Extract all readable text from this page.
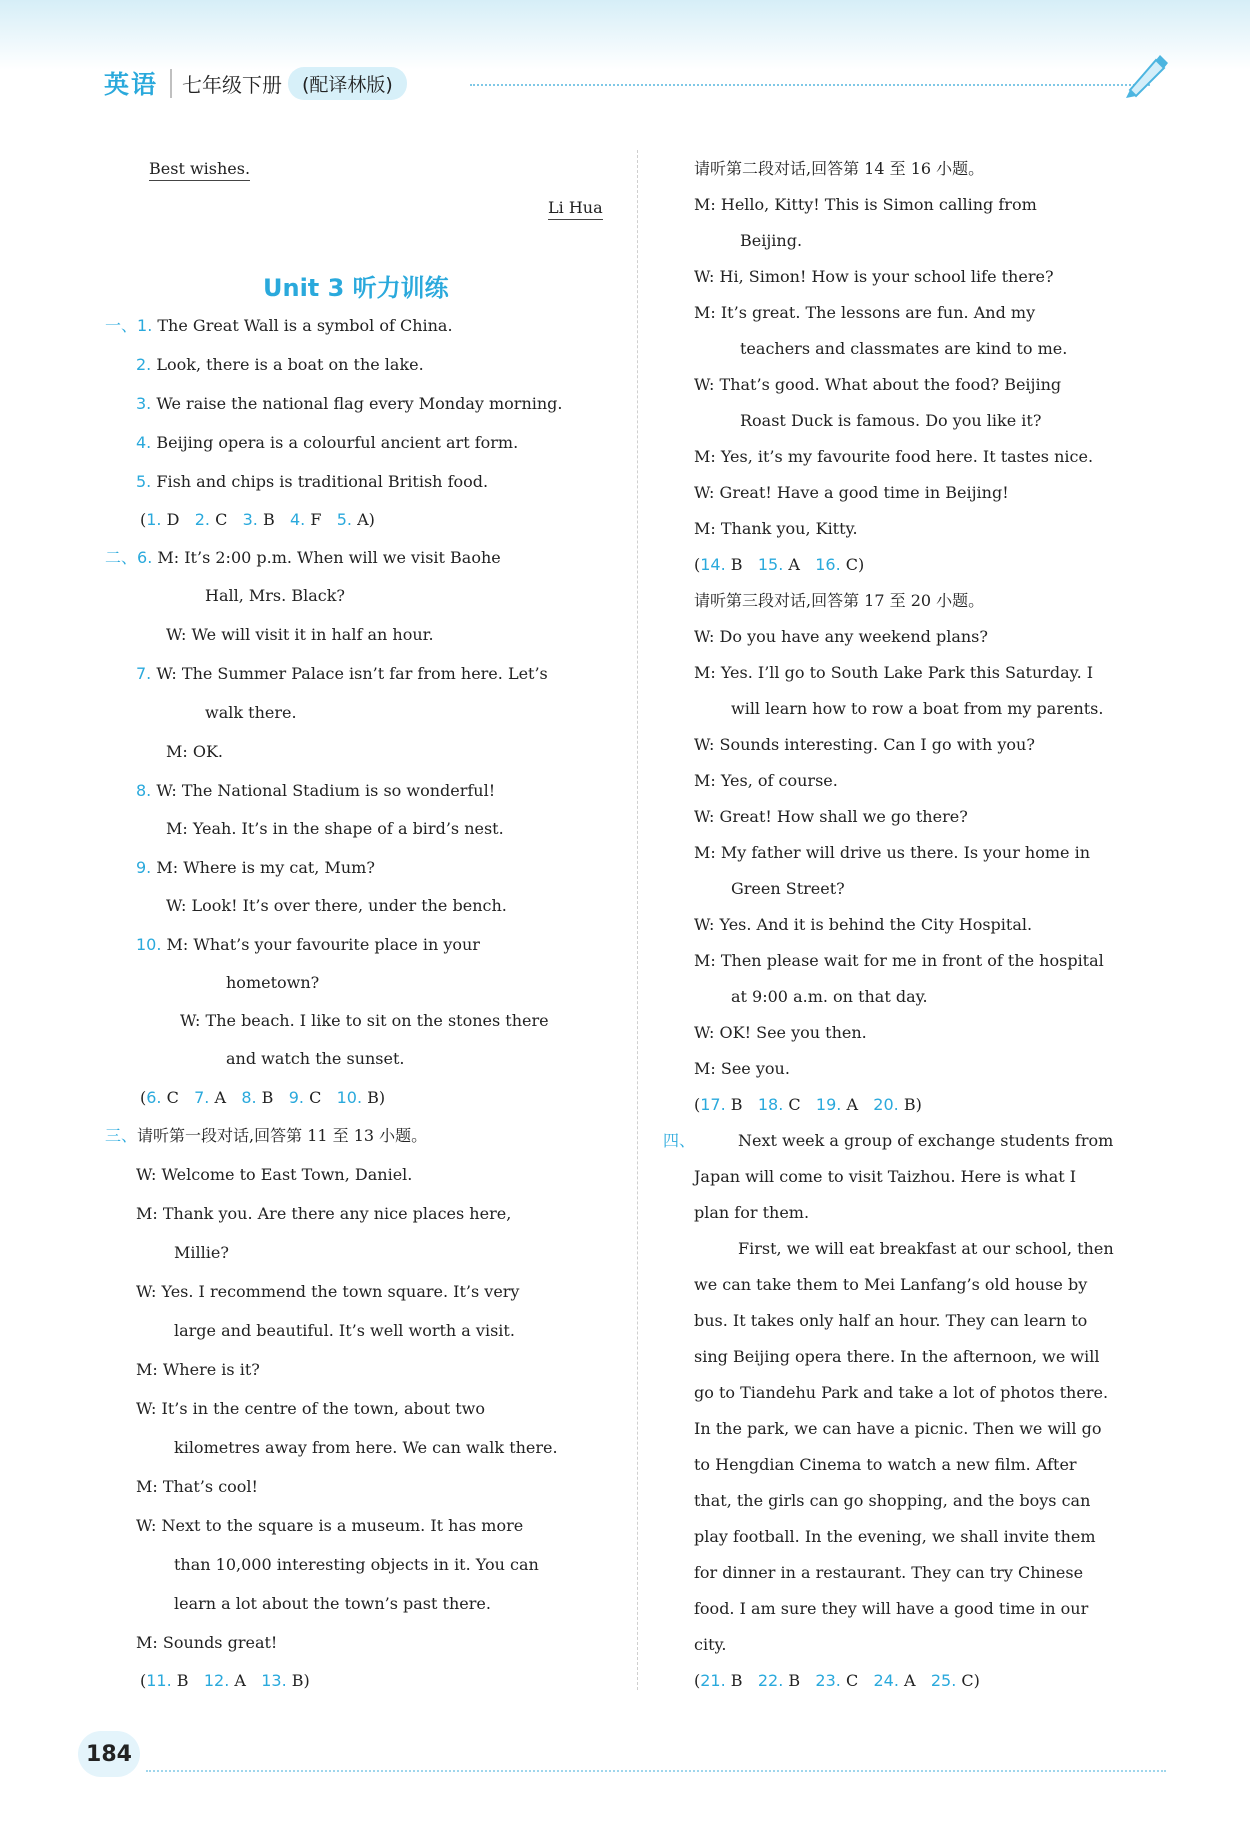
英语	七年级下册	(配译林版)
Best wishes.
Li Hua
Unit 3 听力训练
一、1. The Great Wall is a symbol of China.
2. Look, there is a boat on the lake.
3. We raise the national flag every Monday morning.
4. Beijing opera is a colourful ancient art form.
5. Fish and chips is traditional British food.
(1. D 2. C 3. B 4. F 5. A)
二、6. M: It’s 2:00 p.m. When will we visit Baohe
Hall, Mrs. Black?
W: We will visit it in half an hour.
7. W: The Summer Palace isn’t far from here. Let’s
walk there.
M: OK.
8. W: The National Stadium is so wonderful!
M: Yeah. It’s in the shape of a bird’s nest.
9. M: Where is my cat, Mum?
W: Look! It’s over there, under the bench.
10. M: What’s your favourite place in your
hometown?
W: The beach. I like to sit on the stones there
and watch the sunset.
(6. C 7. A 8. B 9. C 10. B)
三、请听第一段对话,回答第 11 至 13 小题。
W: Welcome to East Town, Daniel.
M: Thank you. Are there any nice places here,
Millie?
W: Yes. I recommend the town square. It’s very
large and beautiful. It’s well worth a visit.
M: Where is it?
W: It’s in the centre of the town, about two
kilometres away from here. We can walk there.
M: That’s cool!
W: Next to the square is a museum. It has more
than 10,000 interesting objects in it. You can
learn a lot about the town’s past there.
M: Sounds great!
(11. B 12. A 13. B)
请听第二段对话,回答第 14 至 16 小题。
M: Hello, Kitty! This is Simon calling from
Beijing.
W: Hi, Simon! How is your school life there?
M: It’s great. The lessons are fun. And my
teachers and classmates are kind to me.
W: That’s good. What about the food? Beijing
Roast Duck is famous. Do you like it?
M: Yes, it’s my favourite food here. It tastes nice.
W: Great! Have a good time in Beijing!
M: Thank you, Kitty.
(14. B 15. A 16. C)
请听第三段对话,回答第 17 至 20 小题。
W: Do you have any weekend plans?
M: Yes. I’ll go to South Lake Park this Saturday. I
will learn how to row a boat from my parents.
W: Sounds interesting. Can I go with you?
M: Yes, of course.
W: Great! How shall we go there?
M: My father will drive us there. Is your home in
Green Street?
W: Yes. And it is behind the City Hospital.
M: Then please wait for me in front of the hospital
at 9:00 a.m. on that day.
W: OK! See you then.
M: See you.
(17. B 18. C 19. A 20. B)
四、	Next week a group of exchange students from
Japan will come to visit Taizhou. Here is what I
plan for them.
First, we will eat breakfast at our school, then
we can take them to Mei Lanfang’s old house by
bus. It takes only half an hour. They can learn to
sing Beijing opera there. In the afternoon, we will
go to Tiandehu Park and take a lot of photos there.
In the park, we can have a picnic. Then we will go
to Hengdian Cinema to watch a new film. After
that, the girls can go shopping, and the boys can
play football. In the evening, we shall invite them
for dinner in a restaurant. They can try Chinese
food. I am sure they will have a good time in our
city.
(21. B 22. B 23. C 24. A 25. C)
184
